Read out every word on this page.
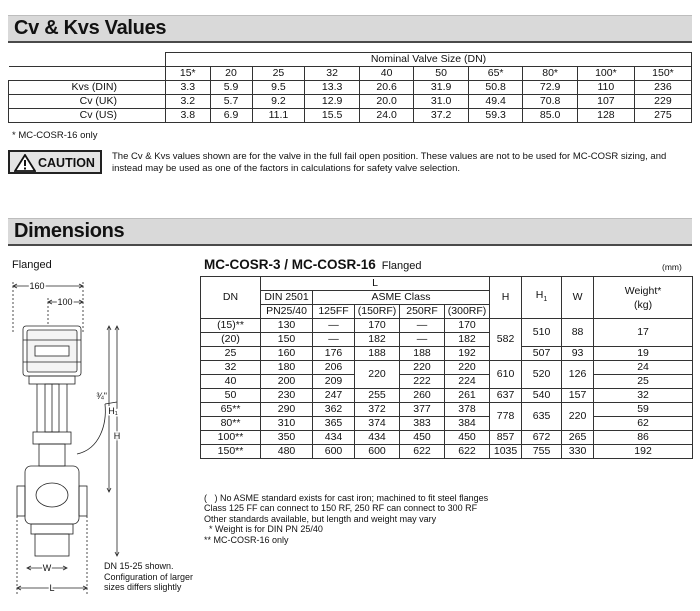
Cv & Kvs Values
	Nominal Valve Size (DN)									
	15*	20	25	32	40	50	65*	80*	100*	150*
Kvs (DIN)	3.3	5.9	9.5	13.3	20.6	31.9	50.8	72.9	110	236
Cv (UK)	3.2	5.7	9.2	12.9	20.0	31.0	49.4	70.8	107	229
Cv (US)	3.8	6.9	11.1	15.5	24.0	37.2	59.3	85.0	128	275
* MC-COSR-16 only
CAUTION The Cv & Kvs values shown are for the valve in the full fail open position. These values are not to be used for MC-COSR sizing, and instead may be used as one of the factors in calculations for safety valve selection.
Dimensions
Flanged
160
100
H₁
H
¾"
W
L
DN 15-25 shown. Configuration of larger sizes differs slightly
MC-COSR-3 / MC-COSR-16 Flanged	(mm)
DN	L					H	$H_1$	W	Weight*
(kg)

	DIN 2501	ASME Class							
	PN25/40	125FF	(150RF)	250RF	(300RF)				
(15)**	130	—	170	—	170	582	510	88	17
(20)	150	—	182	—	182				
25	160	176	188	188	192		507	93	19
32	180	206	220	220	220	610	520	126	24
40	200	209		222	224				25
50	230	247	255	260	261	637	540	157	32
65**	290	362	372	377	378	778	635	220	59
80**	310	365	374	383	384				62
100**	350	434	434	450	450	857	672	265	86
150**	480	600	600	622	622	1035	755	330	192
(   ) No ASME standard exists for cast iron; machined to fit steel flanges
Class 125 FF can connect to 150 RF, 250 RF can connect to 300 RF
Other standards available, but length and weight may vary
* Weight is for DIN PN 25/40
** MC-COSR-16 only
